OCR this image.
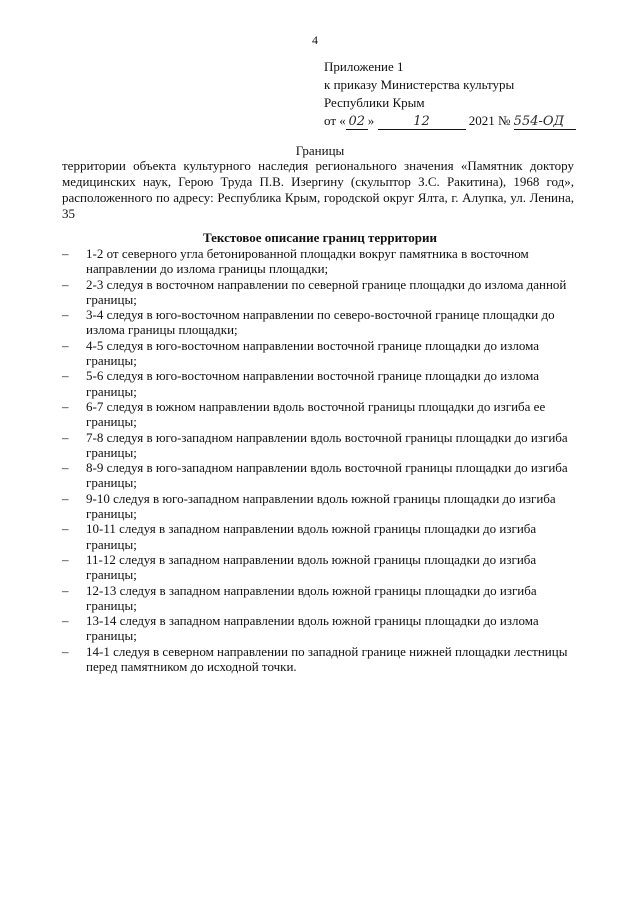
4
Приложение 1
к приказу Министерства культуры
Республики Крым
от « 02 »	12	2021 № 554-ОД
Границы
территории объекта культурного наследия регионального значения «Памятник доктору медицинских наук, Герою Труда П.В. Изергину (скульптор З.С. Ракитина), 1968 год», расположенного по адресу: Республика Крым, городской округ Ялта, г. Алупка, ул. Ленина, 35
Текстовое описание границ территории
–	1-2 от северного угла бетонированной площадки вокруг памятника в восточном направлении до излома границы площадки;
–	2-3 следуя в восточном направлении по северной границе площадки до излома данной границы;
–	3-4 следуя в юго-восточном направлении по северо-восточной границе площадки до излома границы площадки;
–	4-5 следуя в юго-восточном направлении восточной границе площадки до излома границы;
–	5-6 следуя в юго-восточном направлении восточной границе площадки до излома границы;
–	6-7 следуя в южном направлении вдоль восточной границы площадки до изгиба ее границы;
–	7-8 следуя в юго-западном направлении вдоль восточной границы площадки до изгиба границы;
–	8-9 следуя в юго-западном направлении вдоль восточной границы площадки до изгиба границы;
–	9-10 следуя в юго-западном направлении вдоль южной границы площадки до изгиба границы;
–	10-11 следуя в западном направлении вдоль южной границы площадки до изгиба границы;
–	11-12 следуя в западном направлении вдоль южной границы площадки до изгиба границы;
–	12-13 следуя в западном направлении вдоль южной границы площадки до изгиба границы;
–	13-14 следуя в западном направлении вдоль южной границы площадки до излома границы;
–	14-1 следуя в северном направлении по западной границе нижней площадки лестницы перед памятником до исходной точки.
